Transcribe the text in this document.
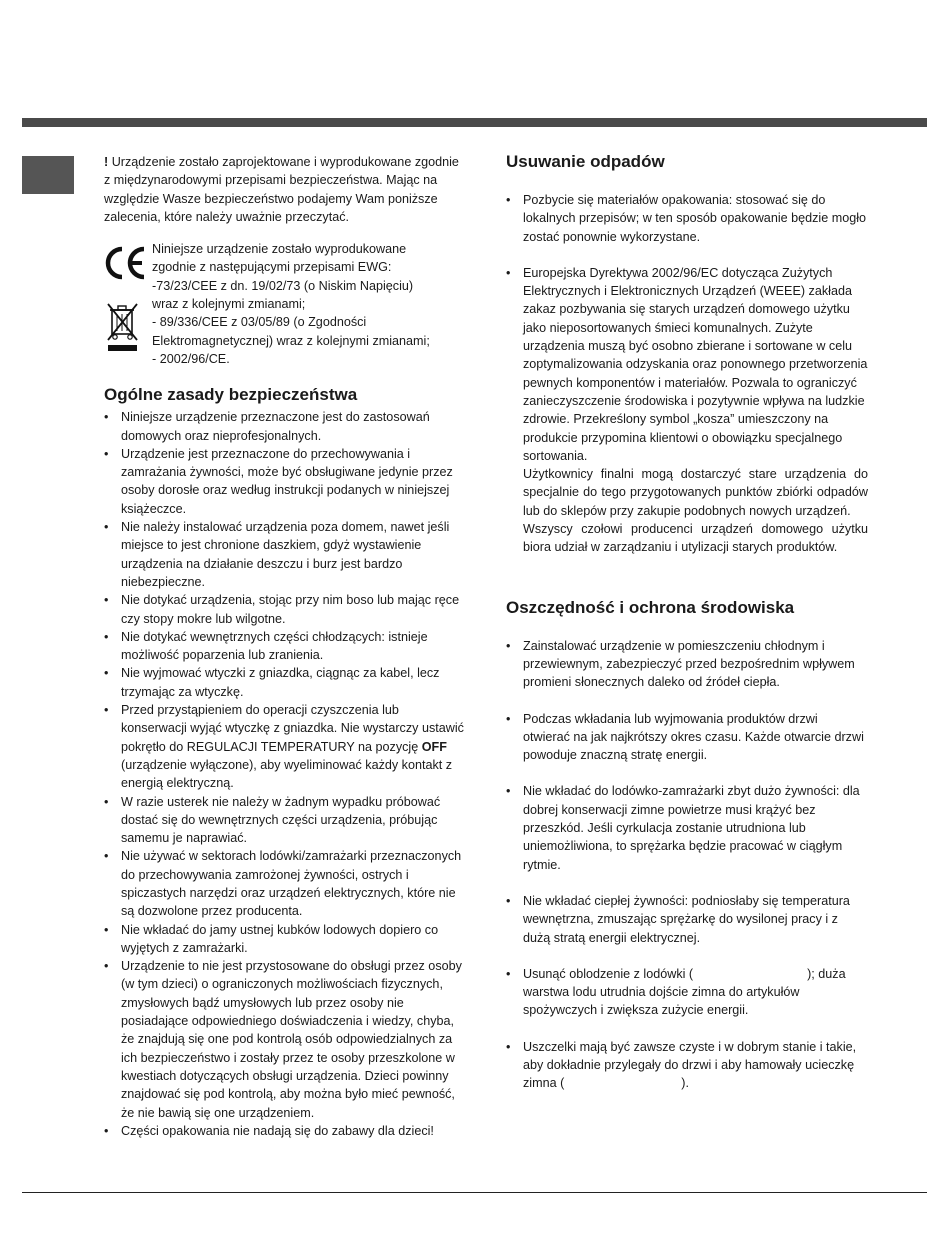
! Urządzenie zostało zaprojektowane i wyprodukowane zgodnie z międzynarodowymi przepisami bezpieczeństwa. Mając na względzie Wasze bezpieczeństwo podajemy Wam poniższe zalecenia, które należy uważnie przeczytać.

Niniejsze urządzenie zostało wyprodukowane
zgodnie z następującymi przepisami EWG:
-73/23/CEE z dn. 19/02/73 (o Niskim Napięciu)
wraz z kolejnymi zmianami;
- 89/336/CEE z 03/05/89 (o Zgodności
Elektromagnetycznej) wraz z kolejnymi zmianami;
- 2002/96/CE.
Ogólne zasady bezpieczeństwa
• Niniejsze urządzenie przeznaczone jest do zastosowań domowych oraz nieprofesjonalnych.
• Urządzenie jest przeznaczone do przechowywania i zamrażania żywności, może być obsługiwane jedynie przez osoby dorosłe oraz według instrukcji podanych w niniejszej książeczce.
• Nie należy instalować urządzenia poza domem, nawet jeśli miejsce to jest chronione daszkiem, gdyż wystawienie urządzenia na działanie deszczu i burz jest bardzo niebezpieczne.
• Nie dotykać urządzenia, stojąc przy nim boso lub mając ręce czy stopy mokre lub wilgotne.
• Nie dotykać wewnętrznych części chłodzących: istnieje możliwość poparzenia lub zranienia.
• Nie wyjmować wtyczki z gniazdka, ciągnąc za kabel, lecz trzymając za wtyczkę.
• Przed przystąpieniem do operacji czyszczenia lub konserwacji wyjąć wtyczkę z gniazdka. Nie wystarczy ustawić pokrętło do REGULACJI TEMPERATURY na pozycję OFF (urządzenie wyłączone), aby wyeliminować każdy kontakt z energią elektryczną.
• W razie usterek nie należy w żadnym wypadku próbować dostać się do wewnętrznych części urządzenia, próbując samemu je naprawiać.
• Nie używać w sektorach lodówki/zamrażarki przeznaczonych do przechowywania zamrożonej żywności, ostrych i spiczastych narzędzi oraz urządzeń elektrycznych, które nie są dozwolone przez producenta.
• Nie wkładać do jamy ustnej kubków lodowych dopiero co wyjętych z zamrażarki.
• Urządzenie to nie jest przystosowane do obsługi przez osoby (w tym dzieci) o ograniczonych możliwościach fizycznych, zmysłowych bądź umysłowych lub przez osoby nie posiadające odpowiedniego doświadczenia i wiedzy, chyba, że znajdują się one pod kontrolą osób odpowiedzialnych za ich bezpieczeństwo i zostały przez te osoby przeszkolone w kwestiach dotyczących obsługi urządzenia. Dzieci powinny znajdować się pod kontrolą, aby można było mieć pewność, że nie bawią się one urządzeniem.
• Części opakowania nie nadają się do zabawy dla dzieci!
Usuwanie odpadów
• Pozbycie się materiałów opakowania: stosować się do lokalnych przepisów; w ten sposób opakowanie będzie mogło zostać ponownie wykorzystane.
• Europejska Dyrektywa 2002/96/EC dotycząca Zużytych Elektrycznych i Elektronicznych Urządzeń (WEEE) zakłada zakaz pozbywania się starych urządzeń domowego użytku jako nieposortowanych śmieci komunalnych. Zużyte urządzenia muszą być osobno zbierane i sortowane w celu zoptymalizowania odzyskania oraz ponownego przetworzenia pewnych komponentów i materiałów. Pozwala to ograniczyć zanieczyszczenie środowiska i pozytywnie wpływa na ludzkie zdrowie. Przekreślony symbol „kosza” umieszczony na produkcie przypomina klientowi o obowiązku specjalnego sortowania.
Użytkownicy finalni mogą dostarczyć stare urządzenia do specjalnie do tego przygotowanych punktów zbiórki odpadów lub do sklepów przy zakupie podobnych nowych urządzeń.
Wszyscy czołowi producenci urządzeń domowego użytku biora udział w zarządzaniu i utylizacji starych produktów.
Oszczędność i ochrona środowiska
• Zainstalować urządzenie w pomieszczeniu chłodnym i przewiewnym, zabezpieczyć przed bezpośrednim wpływem promieni słonecznych daleko od źródeł ciepła.
• Podczas wkładania lub wyjmowania produktów drzwi otwierać na jak najkrótszy okres czasu. Każde otwarcie drzwi powoduje znaczną stratę energii.
• Nie wkładać do lodówko-zamrażarki zbyt dużo żywności: dla dobrej konserwacji zimne powietrze musi krążyć bez przeszkód. Jeśli cyrkulacja zostanie utrudniona lub uniemożliwiona, to sprężarka będzie pracować w ciągłym rytmie.
• Nie wkładać ciepłej żywności: podniosłaby się temperatura wewnętrzna, zmuszając sprężarkę do wysilonej pracy i z dużą stratą energii elektrycznej.
• Usunąć oblodzenie z lodówki (	); duża warstwa lodu utrudnia dojście zimna do artykułów spożywczych i zwiększa zużycie energii.
• Uszczelki mają być zawsze czyste i w dobrym stanie i takie, aby dokładnie przylegały do drzwi i aby hamowały ucieczkę zimna (	).
